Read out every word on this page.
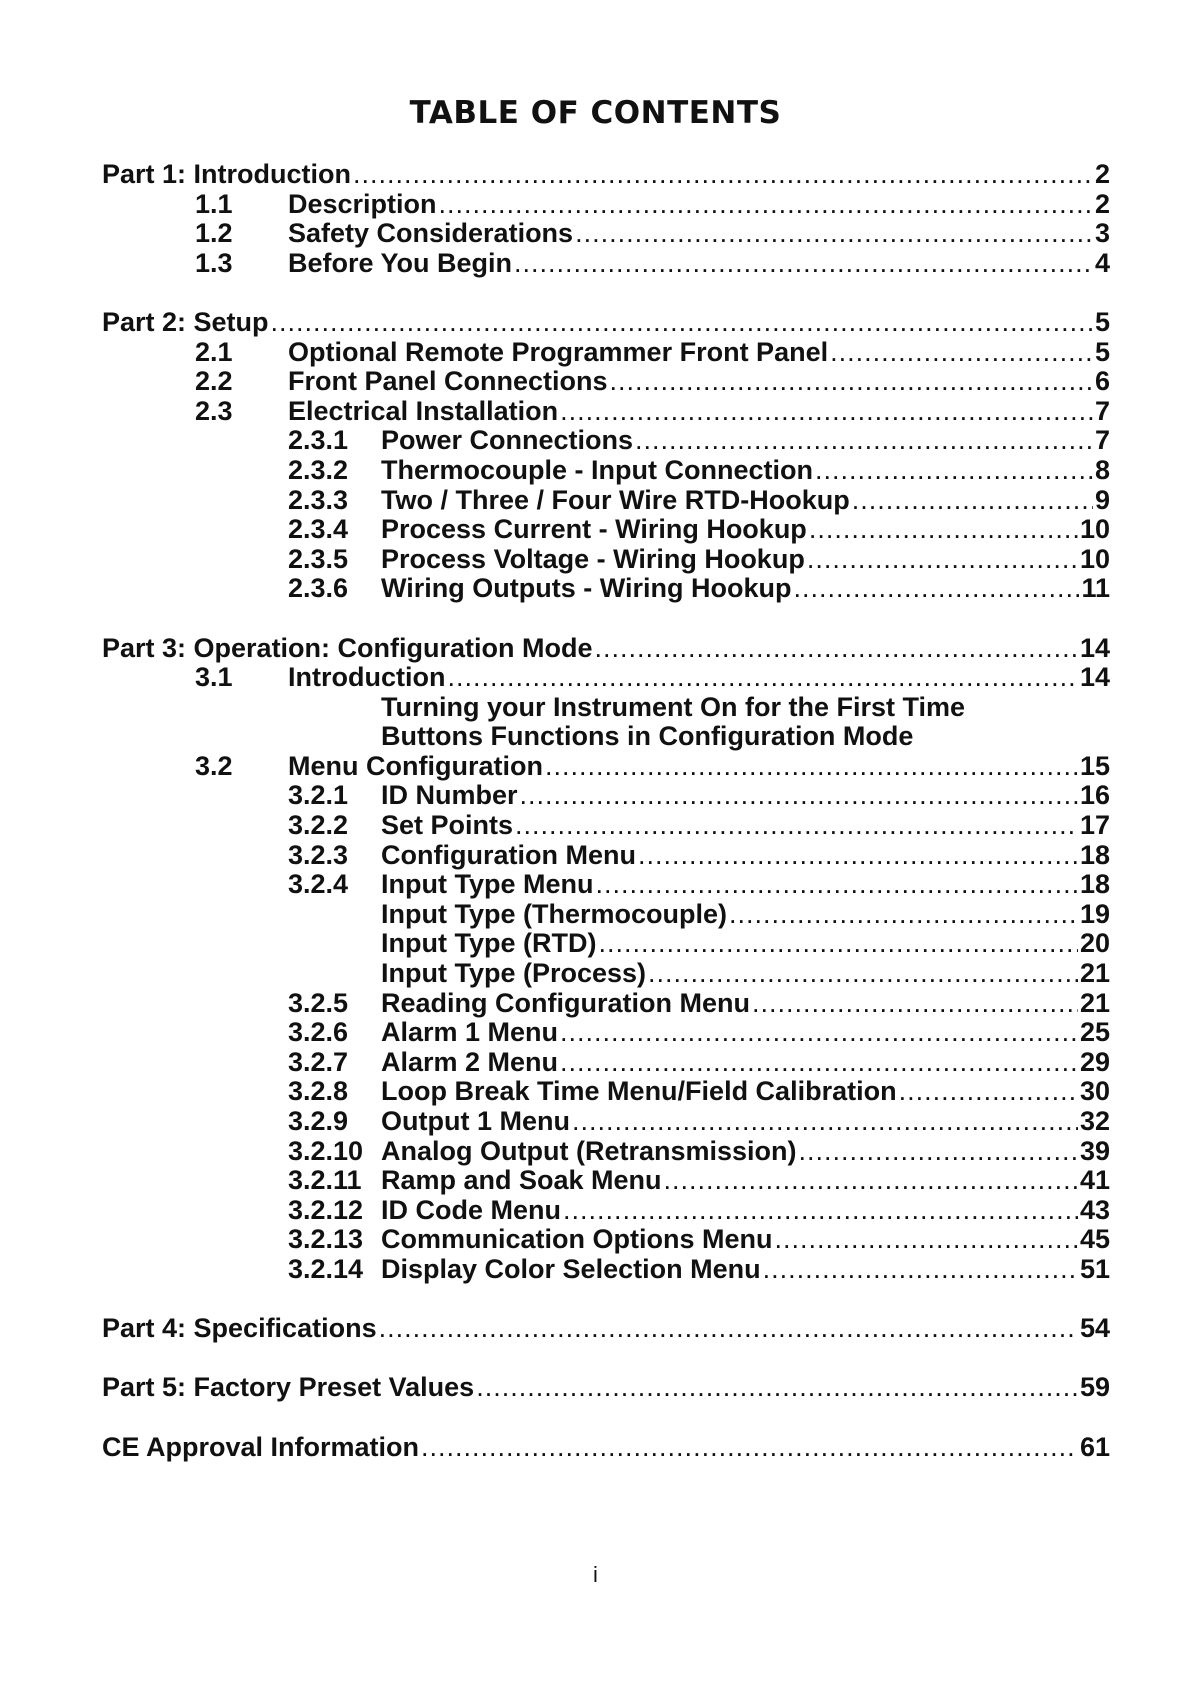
TABLE OF CONTENTS
Part 1: Introduction .....	2
1.1	Description .....	2
1.2	Safety Considerations .....	3
1.3	Before You Begin .....	4
Part 2: Setup .....	5
2.1	Optional Remote Programmer Front Panel .....	5
2.2	Front Panel Connections .....	6
2.3	Electrical Installation .....	7
2.3.1	Power Connections .....	7
2.3.2	Thermocouple - Input Connection .....	8
2.3.3	Two / Three / Four Wire RTD-Hookup .....	9
2.3.4	Process Current - Wiring Hookup .....	10
2.3.5	Process Voltage - Wiring Hookup .....	10
2.3.6	Wiring Outputs - Wiring Hookup .....	11
Part 3: Operation: Configuration Mode .....	14
3.1	Introduction .....	14
Turning your Instrument On for the First Time
Buttons Functions in Configuration Mode
3.2	Menu Configuration .....	15
3.2.1	ID Number .....	16
3.2.2	Set Points .....	17
3.2.3	Configuration Menu .....	18
3.2.4	Input Type Menu .....	18
Input Type (Thermocouple) .....	19
Input Type (RTD) .....	20
Input Type (Process) .....	21
3.2.5	Reading Configuration Menu .....	21
3.2.6	Alarm 1 Menu .....	25
3.2.7	Alarm 2 Menu .....	29
3.2.8	Loop Break Time Menu/Field Calibration .....	30
3.2.9	Output 1 Menu .....	32
3.2.10 Analog Output (Retransmission) .....	39
3.2.11 Ramp and Soak Menu .....	41
3.2.12 ID Code Menu .....	43
3.2.13 Communication Options Menu .....	45
3.2.14 Display Color Selection Menu .....	51
Part 4: Specifications .....	54
Part 5: Factory Preset Values .....	59
CE Approval Information .....	61
i
